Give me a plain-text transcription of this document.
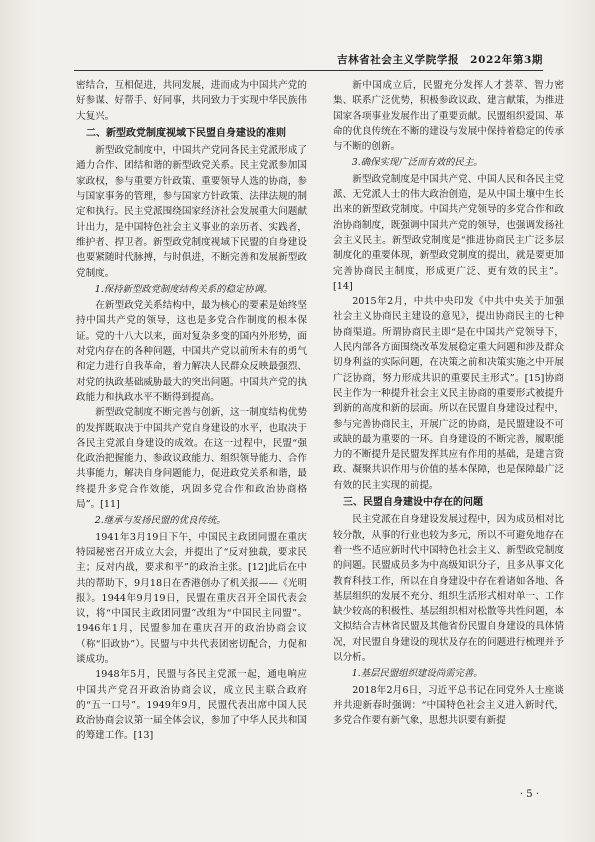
吉林省社会主义学院学报　2022年第3期

密结合，互相促进，共同发展，进而成为中国共产党的好参谋、好帮手、好同事，共同致力于实现中华民族伟大复兴。

二、新型政党制度视域下民盟自身建设的准则

新型政党制度中，中国共产党同各民主党派形成了通力合作、团结和谐的新型政党关系。民主党派参加国家政权，参与重要方针政策、重要领导人选的协商，参与国家事务的管理，参与国家方针政策、法律法规的制定和执行。民主党派围绕国家经济社会发展重大问题献计出力，是中国特色社会主义事业的亲历者、实践者，维护者、捍卫者。新型政党制度视域下民盟的自身建设也要紧随时代脉搏，与时俱进，不断完善和发展新型政党制度。

1.保持新型政党制度结构关系的稳定协调。

在新型政党关系结构中，最为核心的要素是始终坚持中国共产党的领导，这也是多党合作制度的根本保证。党的十八大以来，面对复杂多变的国内外形势，面对党内存在的各种问题，中国共产党以前所未有的勇气和定力进行自我革命，着力解决人民群众反映最强烈、对党的执政基础威胁最大的突出问题。中国共产党的执政能力和执政水平不断得到提高。

新型政党制度不断完善与创新，这一制度结构优势的发挥既取决于中国共产党自身建设的水平，也取决于各民主党派自身建设的成效。在这一过程中，民盟“强化政治把握能力、参政议政能力、组织领导能力、合作共事能力，解决自身问题能力，促进政党关系和谐，最终提升多党合作效能，巩固多党合作和政治协商格局”。[11]

2.继承与发扬民盟的优良传统。

1941年3月19日下午，中国民主政团同盟在重庆特园秘密召开成立大会，并提出了“反对独裁，要求民主；反对内战，要求和平”的政治主张。[12]此后在中共的帮助下，9月18日在香港创办了机关报——《光明报》。1944年9月19日，民盟在重庆召开全国代表会议，将“中国民主政团同盟”改组为“中国民主同盟”。1946年1月，民盟参加在重庆召开的政治协商会议（称“旧政协”）。民盟与中共代表团密切配合，力促和谈成功。

1948年5月，民盟与各民主党派一起，通电响应中国共产党召开政治协商会议，成立民主联合政府的“五一口号”。1949年9月，民盟代表出席中国人民政治协商会议第一届全体会议，参加了中华人民共和国的筹建工作。[13]

新中国成立后，民盟充分发挥人才荟萃、智力密集、联系广泛优势，积极参政议政、建言献策，为推进国家各项事业发展作出了重要贡献。民盟组织爱国、革命的优良传统在不断的建设与发展中保持着稳定的传承与不断的创新。

3.确保实现广泛而有效的民主。

新型政党制度是中国共产党、中国人民和各民主党派、无党派人士的伟大政治创造，是从中国土壤中生长出来的新型政党制度。中国共产党领导的多党合作和政治协商制度，既强调中国共产党的领导，也强调发扬社会主义民主。新型政党制度是“推进协商民主广泛多层制度化的重要体现，新型政党制度的提出，就是要更加完善协商民主制度，形成更广泛、更有效的民主”。[14]

2015年2月，中共中央印发《中共中央关于加强社会主义协商民主建设的意见》，提出协商民主的七种协商渠道。所谓协商民主即“是在中国共产党领导下，人民内部各方面围绕改革发展稳定重大问题和涉及群众切身利益的实际问题，在决策之前和决策实施之中开展广泛协商，努力形成共识的重要民主形式”。[15]协商民主作为一种提升社会主义民主协商的重要形式被提升到新的高度和新的层面。所以在民盟自身建设过程中，参与完善协商民主，开展广泛的协商，是民盟建设不可或缺的最为重要的一环。自身建设的不断完善，履职能力的不断提升是民盟发挥其应有作用的基础，是建言资政、凝聚共识作用与价值的基本保障，也是保障最广泛有效的民主实现的前提。

三、民盟自身建设中存在的问题

民主党派在自身建设发展过程中，因为成员相对比较分散，从事的行业也较为多元，所以不可避免地存在着一些不适应新时代中国特色社会主义、新型政党制度的问题。民盟成员多为中高级知识分子，且多从事文化教育科技工作，所以在自身建设中存在着诸如各地、各基层组织的发展不充分、组织生活形式相对单一、工作缺少较高的积极性、基层组织相对松散等共性问题，本文拟结合吉林省民盟及其他省份民盟自身建设的具体情况，对民盟自身建设的现状及存在的问题进行梳理并予以分析。

1.基层民盟组织建设尚需完善。

2018年2月6日，习近平总书记在同党外人士座谈并共迎新春时强调：“中国特色社会主义进入新时代，多党合作要有新气象，思想共识要有新提

· 5 ·
